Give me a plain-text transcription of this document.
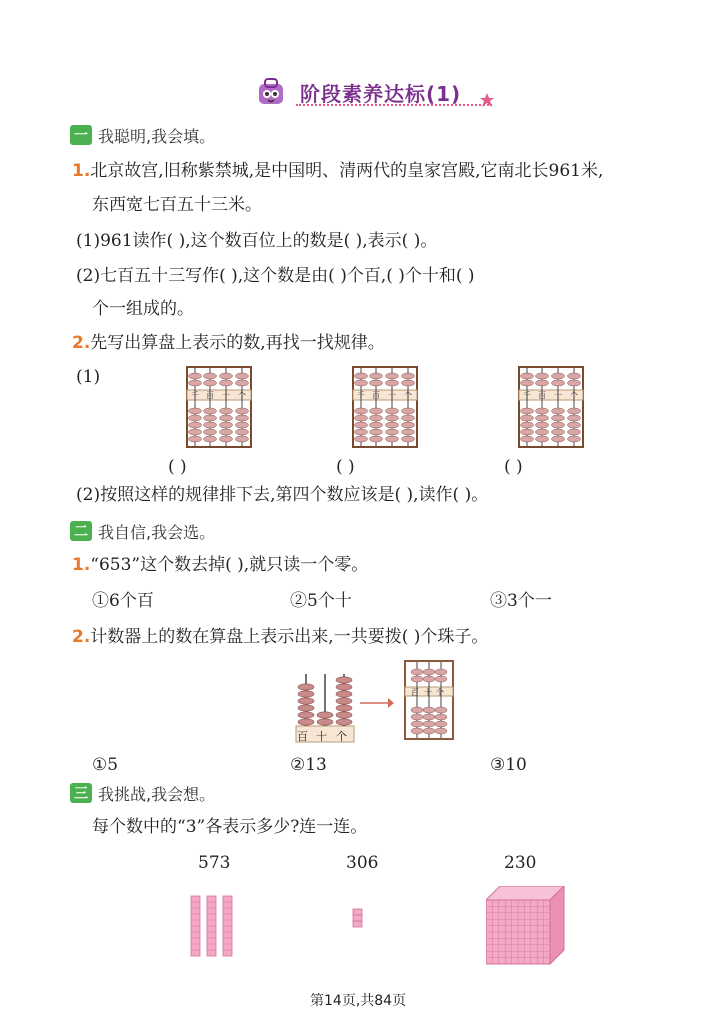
阶段素养达标(1)
一 我聪明,我会填。
1.北京故宫,旧称紫禁城,是中国明、清两代的皇家宫殿,它南北长961米,
东西宽七百五十三米。
(1)961读作( ),这个数百位上的数是( ),表示( )。
(2)七百五十三写作( ),这个数是由( )个百,( )个十和( )
个一组成的。
2.先写出算盘上表示的数,再找一找规律。
(1)
千 百 十 个	千 百 十 个	千 百 十 个
( )	( )	( )
(2)按照这样的规律排下去,第四个数应该是( ),读作( )。
二 我自信,我会选。
1.“653”这个数去掉( ),就只读一个零。
①6个百	②5个十	③3个一
2.计数器上的数在算盘上表示出来,一共要拨( )个珠子。
百 十 个
百 十 个
①5	②13	③10
三 我挑战,我会想。
每个数中的“3”各表示多少?连一连。
573	306	230
第14页,共84页
